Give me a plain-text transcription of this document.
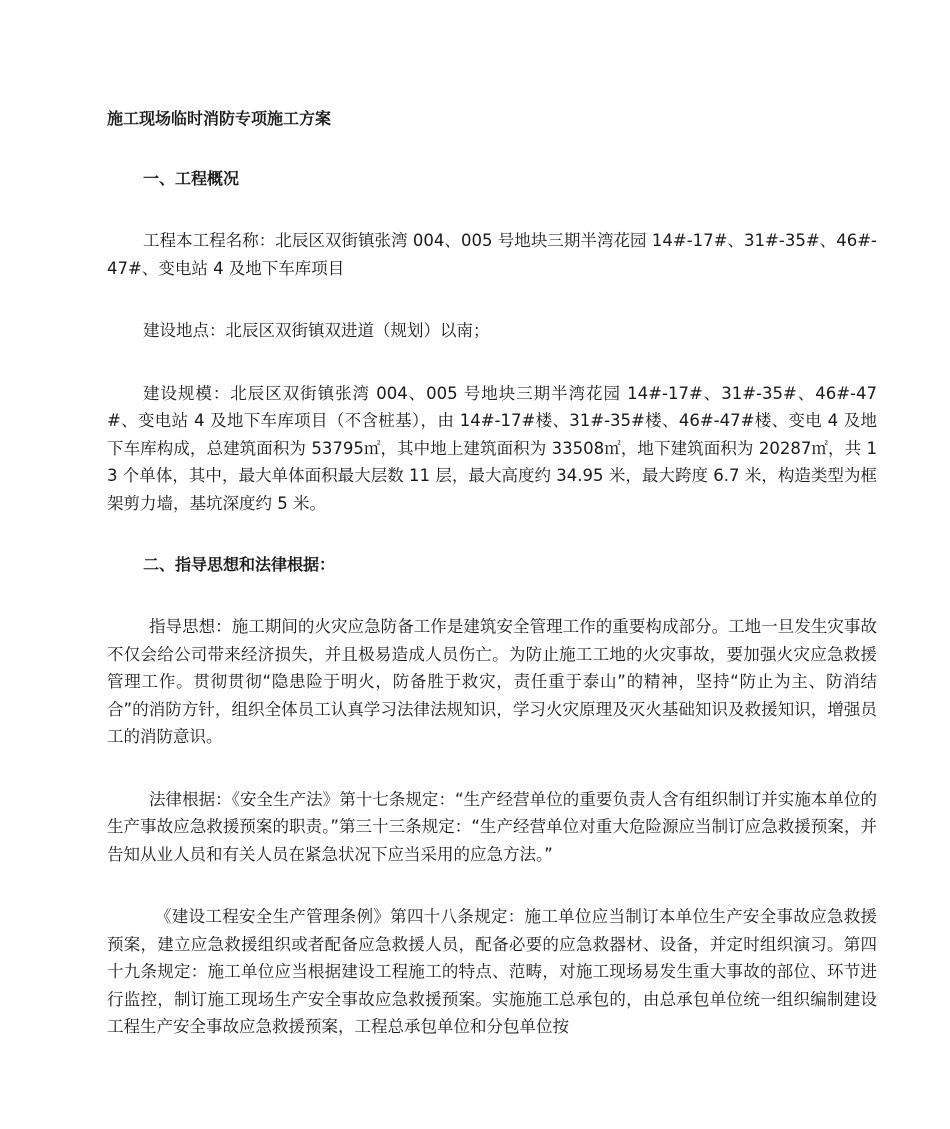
施工现场临时消防专项施工方案
一、工程概况

工程本工程名称：北辰区双街镇张湾 004、005 号地块三期半湾花园 14#-17#、31#-35#、46#-47#、变电站 4 及地下车库项目

建设地点：北辰区双街镇双进道（规划）以南；

建设规模：北辰区双街镇张湾 004、005 号地块三期半湾花园 14#-17#、31#-35#、46#-47#、变电站 4 及地下车库项目（不含桩基），由 14#-17#楼、31#-35#楼、46#-47#楼、变电 4 及地下车库构成，总建筑面积为 53795㎡，其中地上建筑面积为 33508㎡，地下建筑面积为 20287㎡，共 13 个单体，其中，最大单体面积最大层数 11 层，最大高度约 34.95 米，最大跨度 6.7 米，构造类型为框架剪力墙，基坑深度约 5 米。

二、指导思想和法律根据：

指导思想：施工期间的火灾应急防备工作是建筑安全管理工作的重要构成部分。工地一旦发生灾事故不仅会给公司带来经济损失，并且极易造成人员伤亡。为防止施工工地的火灾事故，要加强火灾应急救援管理工作。贯彻贯彻“隐患险于明火，防备胜于救灾，责任重于泰山”的精神，坚持“防止为主、防消结合”的消防方针，组织全体员工认真学习法律法规知识，学习火灾原理及灭火基础知识及救援知识，增强员工的消防意识。

法律根据：《安全生产法》第十七条规定：“生产经营单位的重要负责人含有组织制订并实施本单位的生产事故应急救援预案的职责。”第三十三条规定：“生产经营单位对重大危险源应当制订应急救援预案，并告知从业人员和有关人员在紧急状况下应当采用的应急方法。”

《建设工程安全生产管理条例》第四十八条规定：施工单位应当制订本单位生产安全事故应急救援预案，建立应急救援组织或者配备应急救援人员，配备必要的应急救器材、设备，并定时组织演习。第四十九条规定：施工单位应当根据建设工程施工的特点、范畴，对施工现场易发生重大事故的部位、环节进行监控，制订施工现场生产安全事故应急救援预案。实施施工总承包的，由总承包单位统一组织编制建设工程生产安全事故应急救援预案，工程总承包单位和分包单位按
